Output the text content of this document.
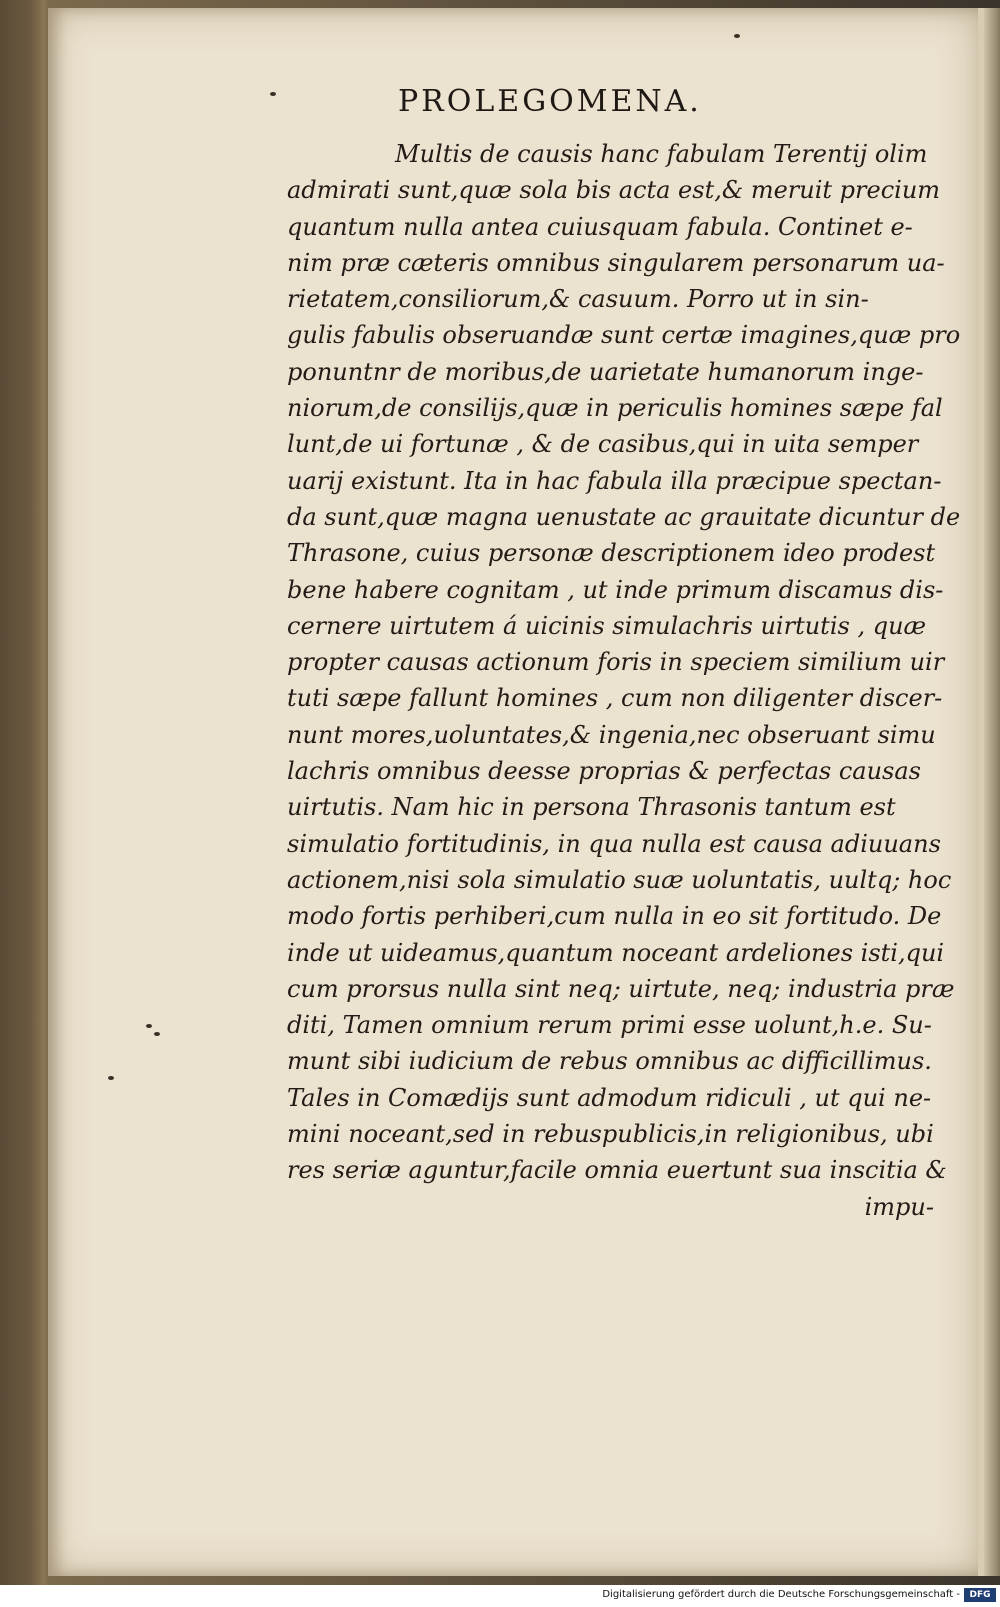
PROLEGOMENA.
Multis de causis hanc fabulam Terentij olim
admirati sunt,quæ sola bis acta est,& meruit precium
quantum nulla antea cuiusquam fabula. Continet e-
nim præ cæteris omnibus singularem personarum ua-
rietatem,consiliorum,& casuum. Porro ut in sin-
gulis fabulis obseruandæ sunt certæ imagines,quæ pro
ponuntnr de moribus,de uarietate humanorum inge-
niorum,de consilijs,quæ in periculis homines sæpe fal
lunt,de ui fortunæ , & de casibus,qui in uita semper
uarij existunt. Ita in hac fabula illa præcipue spectan-
da sunt,quæ magna uenustate ac grauitate dicuntur de
Thrasone, cuius personæ descriptionem ideo prodest
bene habere cognitam , ut inde primum discamus dis-
cernere uirtutem á uicinis simulachris uirtutis , quæ
propter causas actionum foris in speciem similium uir
tuti sæpe fallunt homines , cum non diligenter discer-
nunt mores,uoluntates,& ingenia,nec obseruant simu
lachris omnibus deesse proprias & perfectas causas
uirtutis. Nam hic in persona Thrasonis tantum est
simulatio fortitudinis, in qua nulla est causa adiuuans
actionem,nisi sola simulatio suæ uoluntatis, uultq; hoc
modo fortis perhiberi,cum nulla in eo sit fortitudo. De
inde ut uideamus,quantum noceant ardeliones isti,qui
cum prorsus nulla sint neq; uirtute, neq; industria præ
diti, Tamen omnium rerum primi esse uolunt,h.e. Su-
munt sibi iudicium de rebus omnibus ac difficillimus.
Tales in Comædijs sunt admodum ridiculi , ut qui ne-
mini noceant,sed in rebuspublicis,in religionibus, ubi
res seriæ aguntur,facile omnia euertunt sua inscitia &
impu-
Digitalisierung gefördert durch die Deutsche Forschungsgemeinschaft -	DFG
